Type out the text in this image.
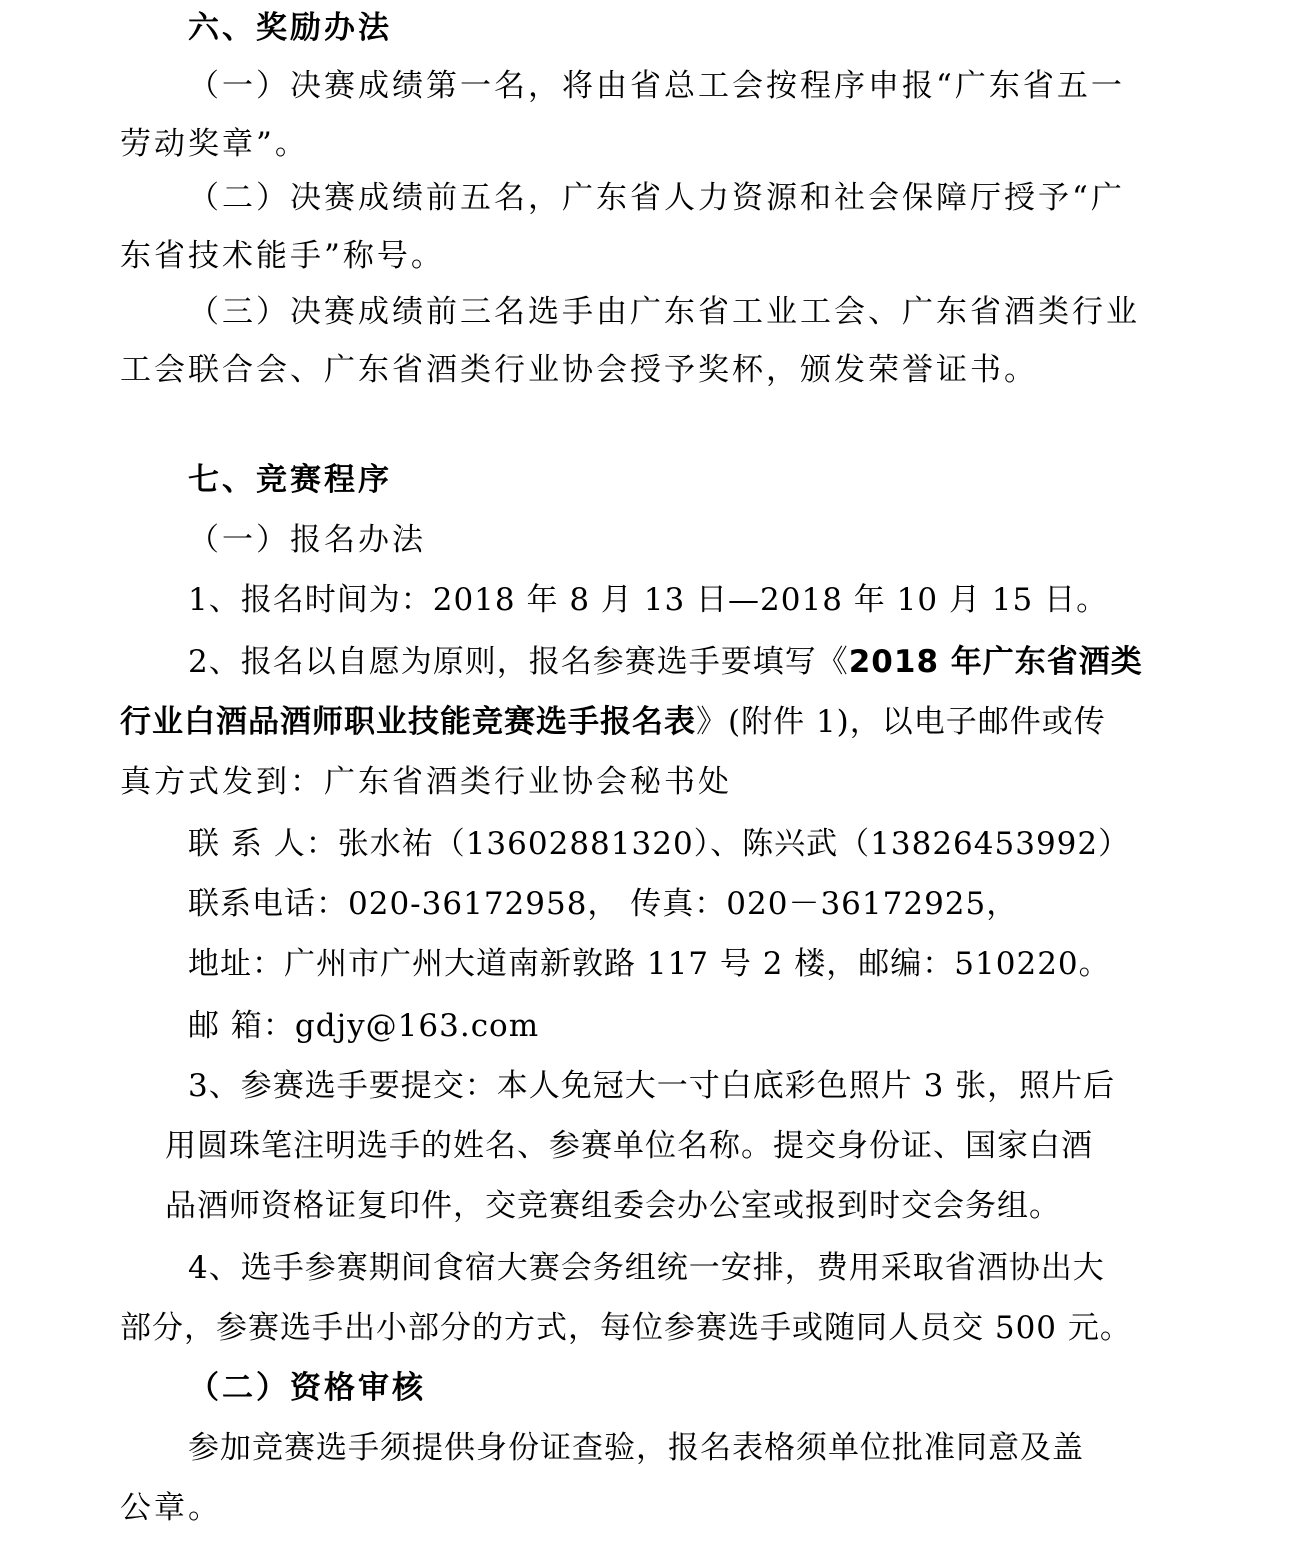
六、奖励办法
（一）决赛成绩第一名，将由省总工会按程序申报“广东省五一
劳动奖章”。
（二）决赛成绩前五名，广东省人力资源和社会保障厅授予“广
东省技术能手”称号。
（三）决赛成绩前三名选手由广东省工业工会、广东省酒类行业
工会联合会、广东省酒类行业协会授予奖杯，颁发荣誉证书。
七、竞赛程序
（一）报名办法
1、报名时间为：2018 年 8 月 13 日—2018 年 10 月 15 日。
2、报名以自愿为原则，报名参赛选手要填写《2018 年广东省酒类
行业白酒品酒师职业技能竞赛选手报名表》(附件 1)，以电子邮件或传
真方式发到：广东省酒类行业协会秘书处
联 系 人：张水祐（13602881320）、陈兴武（13826453992）
联系电话：020-36172958， 传真：020－36172925，
地址：广州市广州大道南新敦路 117 号 2 楼，邮编：510220。
邮 箱：gdjy@163.com
3、参赛选手要提交：本人免冠大一寸白底彩色照片 3 张，照片后
用圆珠笔注明选手的姓名、参赛单位名称。提交身份证、国家白酒
品酒师资格证复印件，交竞赛组委会办公室或报到时交会务组。
4、选手参赛期间食宿大赛会务组统一安排，费用采取省酒协出大
部分，参赛选手出小部分的方式，每位参赛选手或随同人员交 500 元。
（二）资格审核
参加竞赛选手须提供身份证查验，报名表格须单位批准同意及盖
公章。
